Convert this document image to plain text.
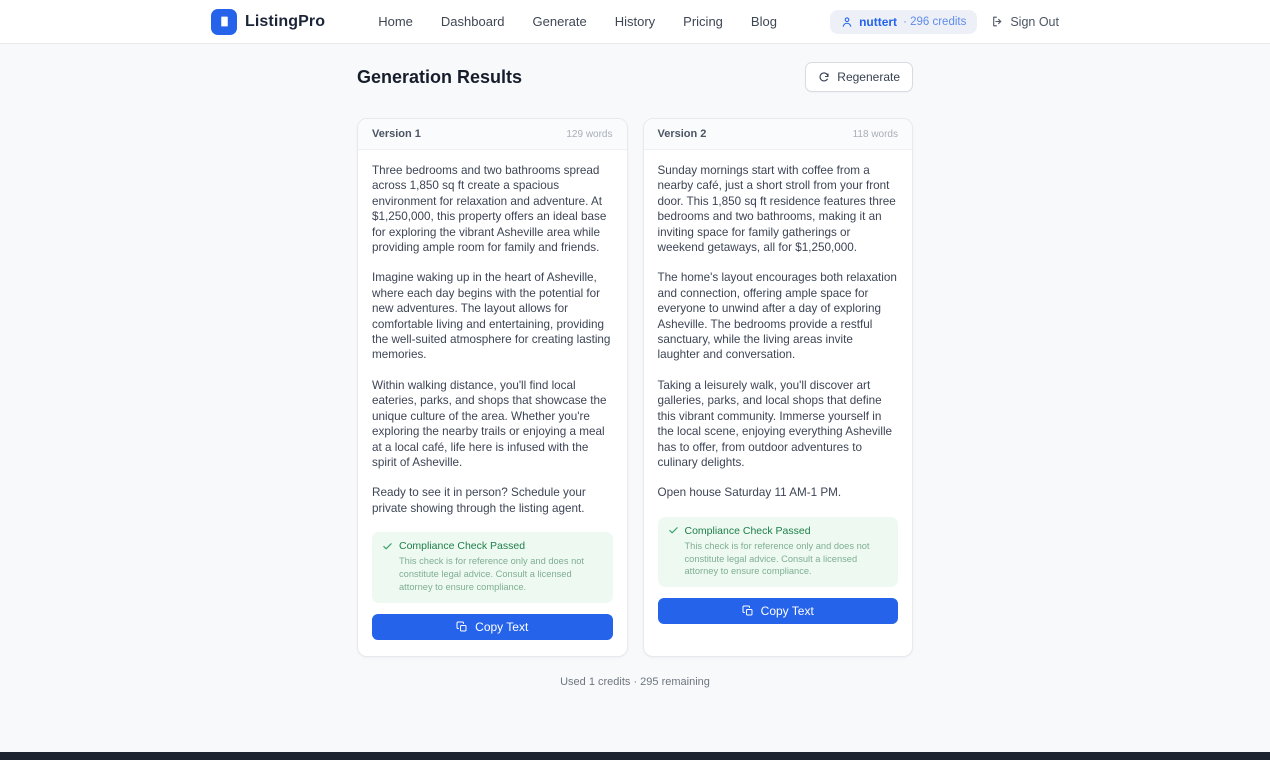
ListingPro	Home Dashboard Generate History Pricing Blog	nuttert · 296 credits	Sign Out
Generation Results	Regenerate
Version 1	129 words

Three bedrooms and two bathrooms spread across 1,850 sq ft create a spacious environment for relaxation and adventure. At $1,250,000, this property offers an ideal base for exploring the vibrant Asheville area while providing ample room for family and friends.

Imagine waking up in the heart of Asheville, where each day begins with the potential for new adventures. The layout allows for comfortable living and entertaining, providing the well-suited atmosphere for creating lasting memories.

Within walking distance, you'll find local eateries, parks, and shops that showcase the unique culture of the area. Whether you're exploring the nearby trails or enjoying a meal at a local café, life here is infused with the spirit of Asheville.

Ready to see it in person? Schedule your private showing through the listing agent.

Compliance Check Passed
This check is for reference only and does not constitute legal advice. Consult a licensed attorney to ensure compliance.
Copy Text
Version 2	118 words

Sunday mornings start with coffee from a nearby café, just a short stroll from your front door. This 1,850 sq ft residence features three bedrooms and two bathrooms, making it an inviting space for family gatherings or weekend getaways, all for $1,250,000.

The home's layout encourages both relaxation and connection, offering ample space for everyone to unwind after a day of exploring Asheville. The bedrooms provide a restful sanctuary, while the living areas invite laughter and conversation.

Taking a leisurely walk, you'll discover art galleries, parks, and local shops that define this vibrant community. Immerse yourself in the local scene, enjoying everything Asheville has to offer, from outdoor adventures to culinary delights.

Open house Saturday 11 AM-1 PM.

Compliance Check Passed
This check is for reference only and does not constitute legal advice. Consult a licensed attorney to ensure compliance.
Copy Text
Used 1 credits · 295 remaining
